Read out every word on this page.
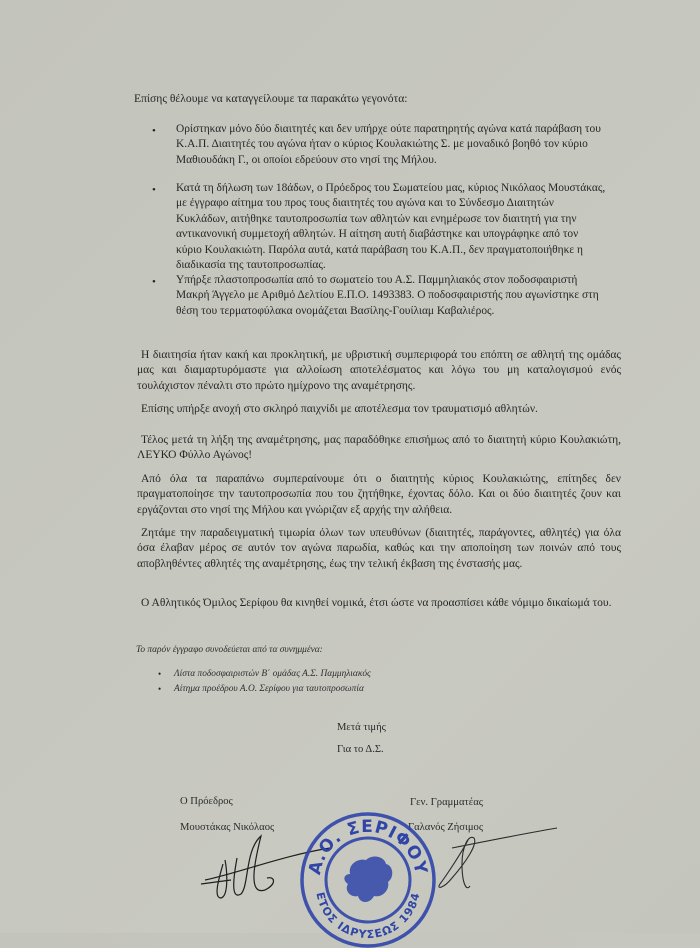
Επίσης θέλουμε να καταγγείλουμε τα παρακάτω γεγονότα:
• Ορίστηκαν μόνο δύο διαιτητές και δεν υπήρχε ούτε παρατηρητής αγώνα κατά παράβαση του Κ.Α.Π. Διαιτητές του αγώνα ήταν ο κύριος Κουλακιώτης Σ. με μοναδικό βοηθό τον κύριο Μαθιουδάκη Γ., οι οποίοι εδρεύουν στο νησί της Μήλου.
• Κατά τη δήλωση των 18άδων, ο Πρόεδρος του Σωματείου μας, κύριος Νικόλαος Μουστάκας, με έγγραφο αίτημα του προς τους διαιτητές του αγώνα και το Σύνδεσμο Διαιτητών Κυκλάδων, αιτήθηκε ταυτοπροσωπία των αθλητών και ενημέρωσε τον διαιτητή για την αντικανονική συμμετοχή αθλητών. Η αίτηση αυτή διαβάστηκε και υπογράφηκε από τον κύριο Κουλακιώτη. Παρόλα αυτά, κατά παράβαση του Κ.Α.Π., δεν πραγματοποιήθηκε η διαδικασία της ταυτοπροσωπίας.
• Υπήρξε πλαστοπροσωπία από το σωματείο του Α.Σ. Παμμηλιακός στον ποδοσφαιριστή Μακρή Άγγελο με Αριθμό Δελτίου Ε.Π.Ο. 1493383. Ο ποδοσφαιριστής που αγωνίστηκε στη θέση του τερματοφύλακα ονομάζεται Βασίλης-Γουίλιαμ Καβαλιέρος.
Η διαιτησία ήταν κακή και προκλητική, με υβριστική συμπεριφορά του επόπτη σε αθλητή της ομάδας μας και διαμαρτυρόμαστε για αλλοίωση αποτελέσματος και λόγω του μη καταλογισμού ενός τουλάχιστον πέναλτι στο πρώτο ημίχρονο της αναμέτρησης.
Επίσης υπήρξε ανοχή στο σκληρό παιχνίδι με αποτέλεσμα τον τραυματισμό αθλητών.
Τέλος μετά τη λήξη της αναμέτρησης, μας παραδόθηκε επισήμως από το διαιτητή κύριο Κουλακιώτη, ΛΕΥΚΟ Φύλλο Αγώνος!
Από όλα τα παραπάνω συμπεραίνουμε ότι ο διαιτητής κύριος Κουλακιώτης, επίτηδες δεν πραγματοποίησε την ταυτοπροσωπία που του ζητήθηκε, έχοντας δόλο. Και οι δύο διαιτητές ζουν και εργάζονται στο νησί της Μήλου και γνώριζαν εξ αρχής την αλήθεια.
Ζητάμε την παραδειγματική τιμωρία όλων των υπευθύνων (διαιτητές, παράγοντες, αθλητές) για όλα όσα έλαβαν μέρος σε αυτόν τον αγώνα παρωδία, καθώς και την αποποίηση των ποινών από τους αποβληθέντες αθλητές της αναμέτρησης, έως την τελική έκβαση της ένστασής μας.
Ο Αθλητικός Όμιλος Σερίφου θα κινηθεί νομικά, έτσι ώστε να προασπίσει κάθε νόμιμο δικαίωμά του.
Το παρόν έγγραφο συνοδεύεται από τα συνημμένα:
• Λίστα ποδοσφαιριστών Β΄ ομάδας Α.Σ. Παμμηλιακός
• Αίτημα προέδρου Α.Ο. Σερίφου για ταυτοπροσωπία
Μετά τιμής
Για το Δ.Σ.
Ο Πρόεδρος
Μουστάκας Νικόλαος
Γεν. Γραμματέας
Γαλανός Ζήσιμος
Α.Ο. ΣΕΡΙΦΟΥ
ΕΤΟΣ ΙΔΡΥΣΕΩΣ 1984
